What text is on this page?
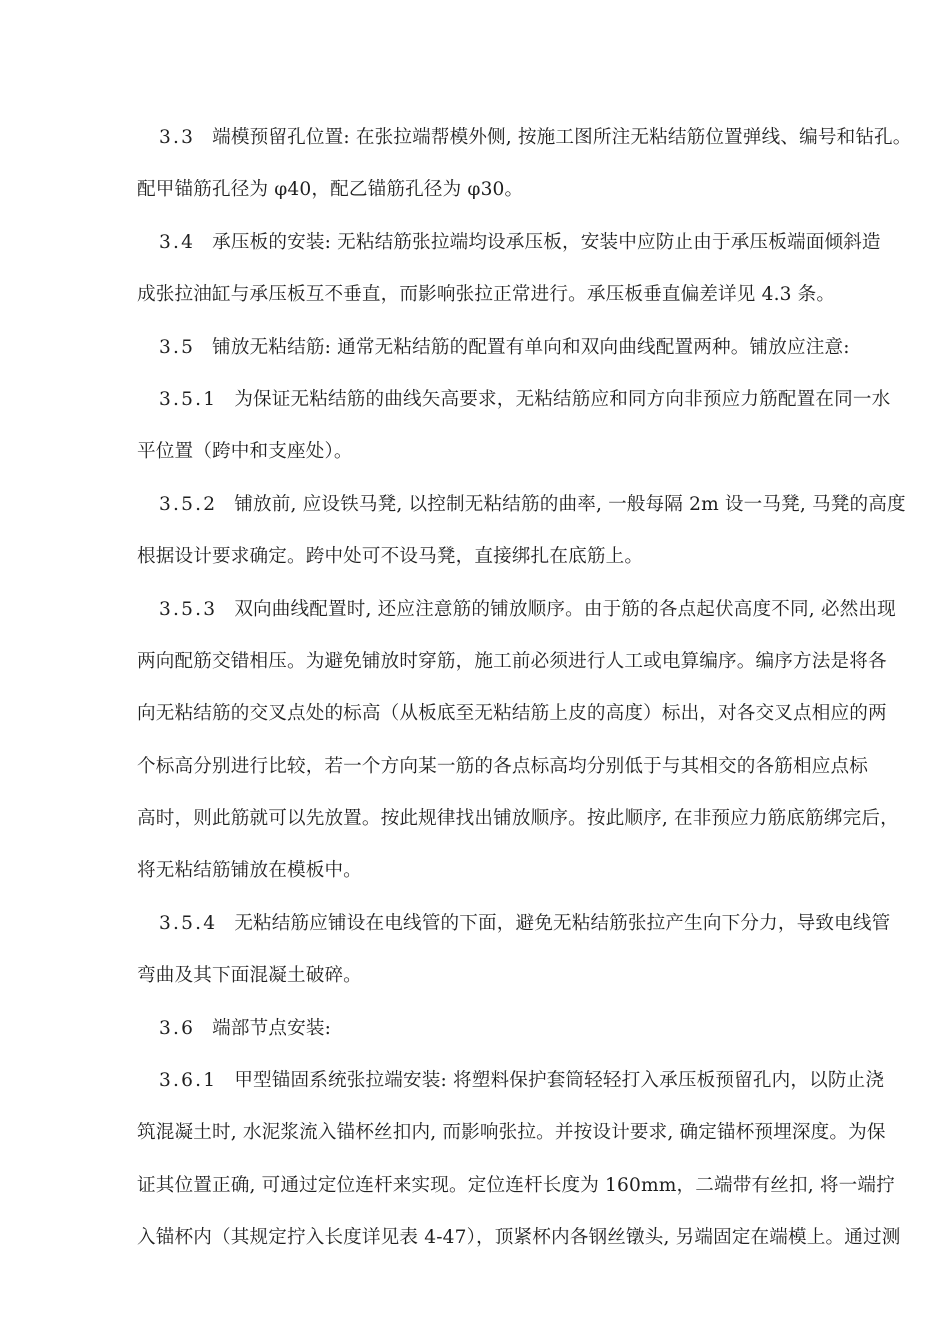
3.3 端模预留孔位置: 在张拉端帮模外侧, 按施工图所注无粘结筋位置弹线、编号和钻孔。
配甲锚筋孔径为 φ40，配乙锚筋孔径为 φ30。
3.4 承压板的安装: 无粘结筋张拉端均设承压板，安装中应防止由于承压板端面倾斜造
成张拉油缸与承压板互不垂直，而影响张拉正常进行。承压板垂直偏差详见 4.3 条。
3.5 铺放无粘结筋: 通常无粘结筋的配置有单向和双向曲线配置两种。铺放应注意:
3.5.1 为保证无粘结筋的曲线矢高要求，无粘结筋应和同方向非预应力筋配置在同一水
平位置（跨中和支座处）。
3.5.2 铺放前, 应设铁马凳, 以控制无粘结筋的曲率, 一般每隔 2m 设一马凳, 马凳的高度
根据设计要求确定。跨中处可不设马凳，直接绑扎在底筋上。
3.5.3 双向曲线配置时, 还应注意筋的铺放顺序。由于筋的各点起伏高度不同, 必然出现
两向配筋交错相压。为避免铺放时穿筋，施工前必须进行人工或电算编序。编序方法是将各
向无粘结筋的交叉点处的标高（从板底至无粘结筋上皮的高度）标出，对各交叉点相应的两
个标高分别进行比较，若一个方向某一筋的各点标高均分别低于与其相交的各筋相应点标
高时，则此筋就可以先放置。按此规律找出铺放顺序。按此顺序, 在非预应力筋底筋绑完后，
将无粘结筋铺放在模板中。
3.5.4 无粘结筋应铺设在电线管的下面，避免无粘结筋张拉产生向下分力，导致电线管
弯曲及其下面混凝土破碎。
3.6 端部节点安装:
3.6.1 甲型锚固系统张拉端安装: 将塑料保护套筒轻轻打入承压板预留孔内，以防止浇
筑混凝土时, 水泥浆流入锚杯丝扣内, 而影响张拉。并按设计要求, 确定锚杯预埋深度。为保
证其位置正确, 可通过定位连杆来实现。定位连杆长度为 160mm，二端带有丝扣, 将一端拧
入锚杯内（其规定拧入长度详见表 4-47），顶紧杯内各钢丝镦头, 另端固定在端模上。通过测
